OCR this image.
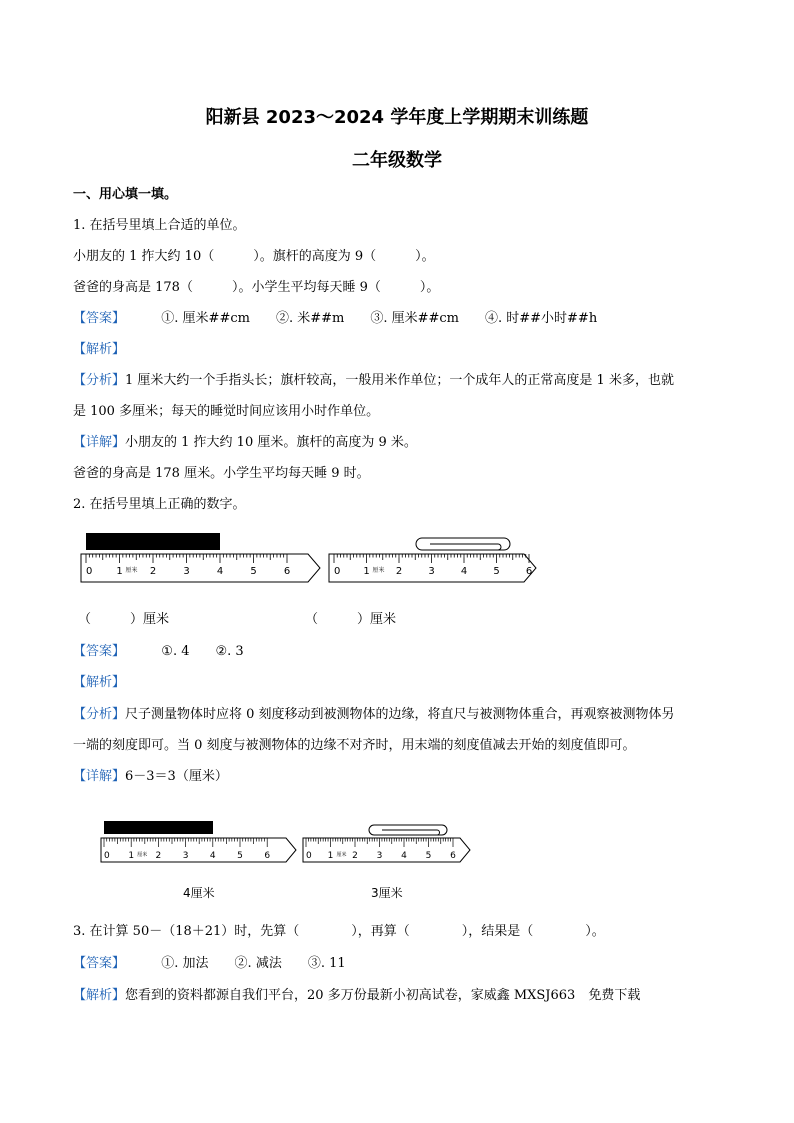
阳新县 2023～2024 学年度上学期期末训练题
二年级数学
一、用心填一填。
1. 在括号里填上合适的单位。
小朋友的 1 拃大约 10（　　　）。旗杆的高度为 9（　　　）。
爸爸的身高是 178（　　　）。小学生平均每天睡 9（　　　）。
【答案】	①. 厘米##cm　　②. 米##m　　③. 厘米##cm　　④. 时##小时##h
【解析】
【分析】1 厘米大约一个手指头长；旗杆较高，一般用米作单位；一个成年人的正常高度是 1 米多，也就
是 100 多厘米；每天的睡觉时间应该用小时作单位。
【详解】小朋友的 1 拃大约 10 厘米。旗杆的高度为 9 米。
爸爸的身高是 178 厘米。小学生平均每天睡 9 时。
2. 在括号里填上正确的数字。
0 1	2	3	4	5	6
厘米	0 1	2	3	4	5	6
厘米
（　　　）厘米	（　　　）厘米
【答案】	①. 4　　②. 3
【解析】
【分析】尺子测量物体时应将 0 刻度移动到被测物体的边缘，将直尺与被测物体重合，再观察被测物体另
一端的刻度即可。当 0 刻度与被测物体的边缘不对齐时，用末端的刻度值减去开始的刻度值即可。
【详解】6－3＝3（厘米）
0 1 2 3 4 5 6
厘米	0 1 2 3 4 5 6
厘米
4厘米	3厘米
3. 在计算 50－（18＋21）时，先算（　　　　），再算（　　　　），结果是（　　　　）。
【答案】	①. 加法　　②. 减法　　③. 11
【解析】您看到的资料都源自我们平台，20 多万份最新小初高试卷，家威鑫 MXSJ663　免费下载
